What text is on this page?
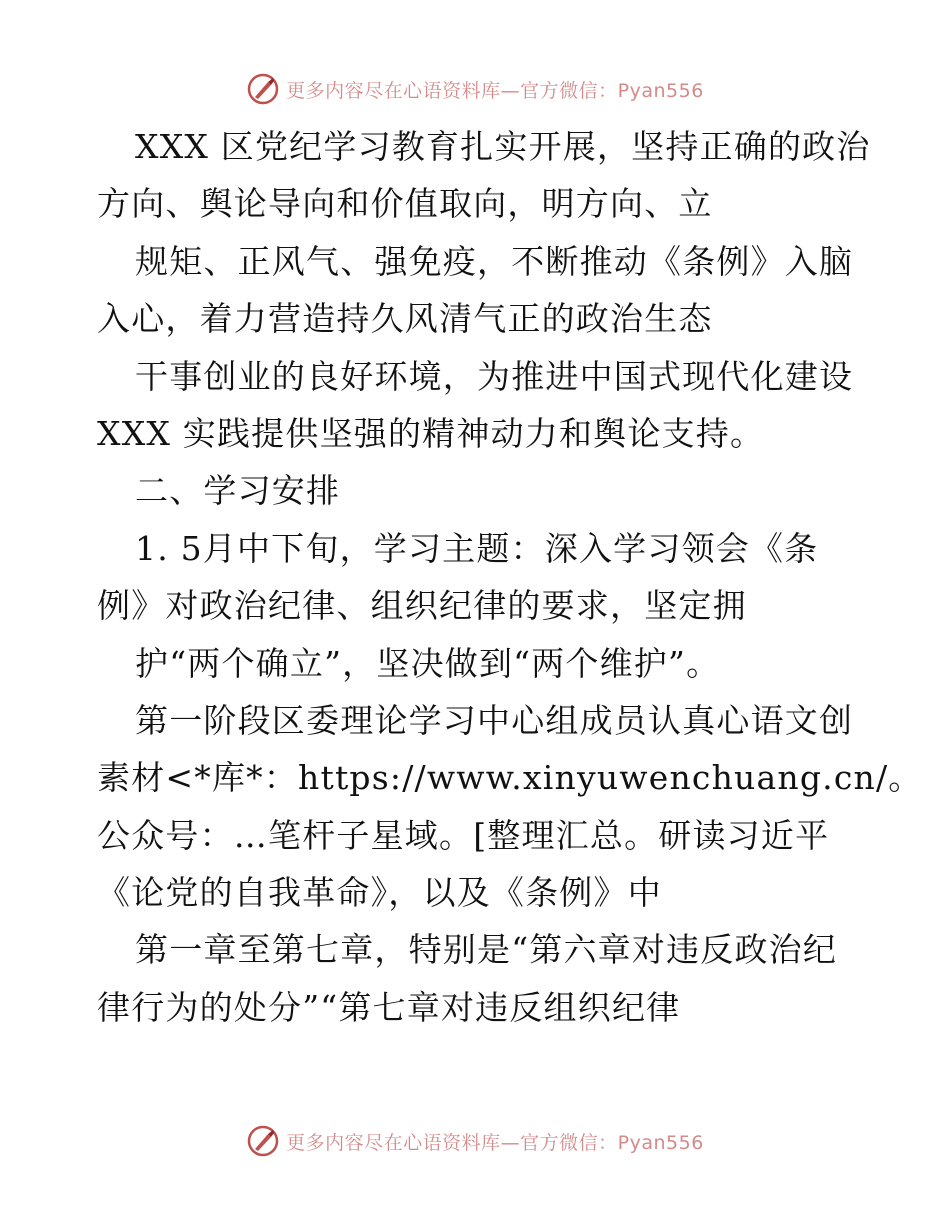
更多内容尽在心语资料库—官方微信：Pyan556
XXX 区党纪学习教育扎实开展，坚持正确的政治
方向、舆论导向和价值取向，明方向、立
规矩、正风气、强免疫，不断推动《条例》入脑
入心，着力营造持久风清气正的政治生态
干事创业的良好环境，为推进中国式现代化建设
XXX 实践提供坚强的精神动力和舆论支持。
二、学习安排
1. 5月中下旬，学习主题：深入学习领会《条
例》对政治纪律、组织纪律的要求，坚定拥
护“两个确立”，坚决做到“两个维护”。
第一阶段区委理论学习中心组成员认真心语文创
素材<*库*：https://www.xinyuwenchuang.cn/。
公众号：…笔杆子星域。[整理汇总。研读习近平
《论党的自我革命》，以及《条例》中
第一章至第七章，特别是“第六章对违反政治纪
律行为的处分”“第七章对违反组织纪律
更多内容尽在心语资料库—官方微信：Pyan556
